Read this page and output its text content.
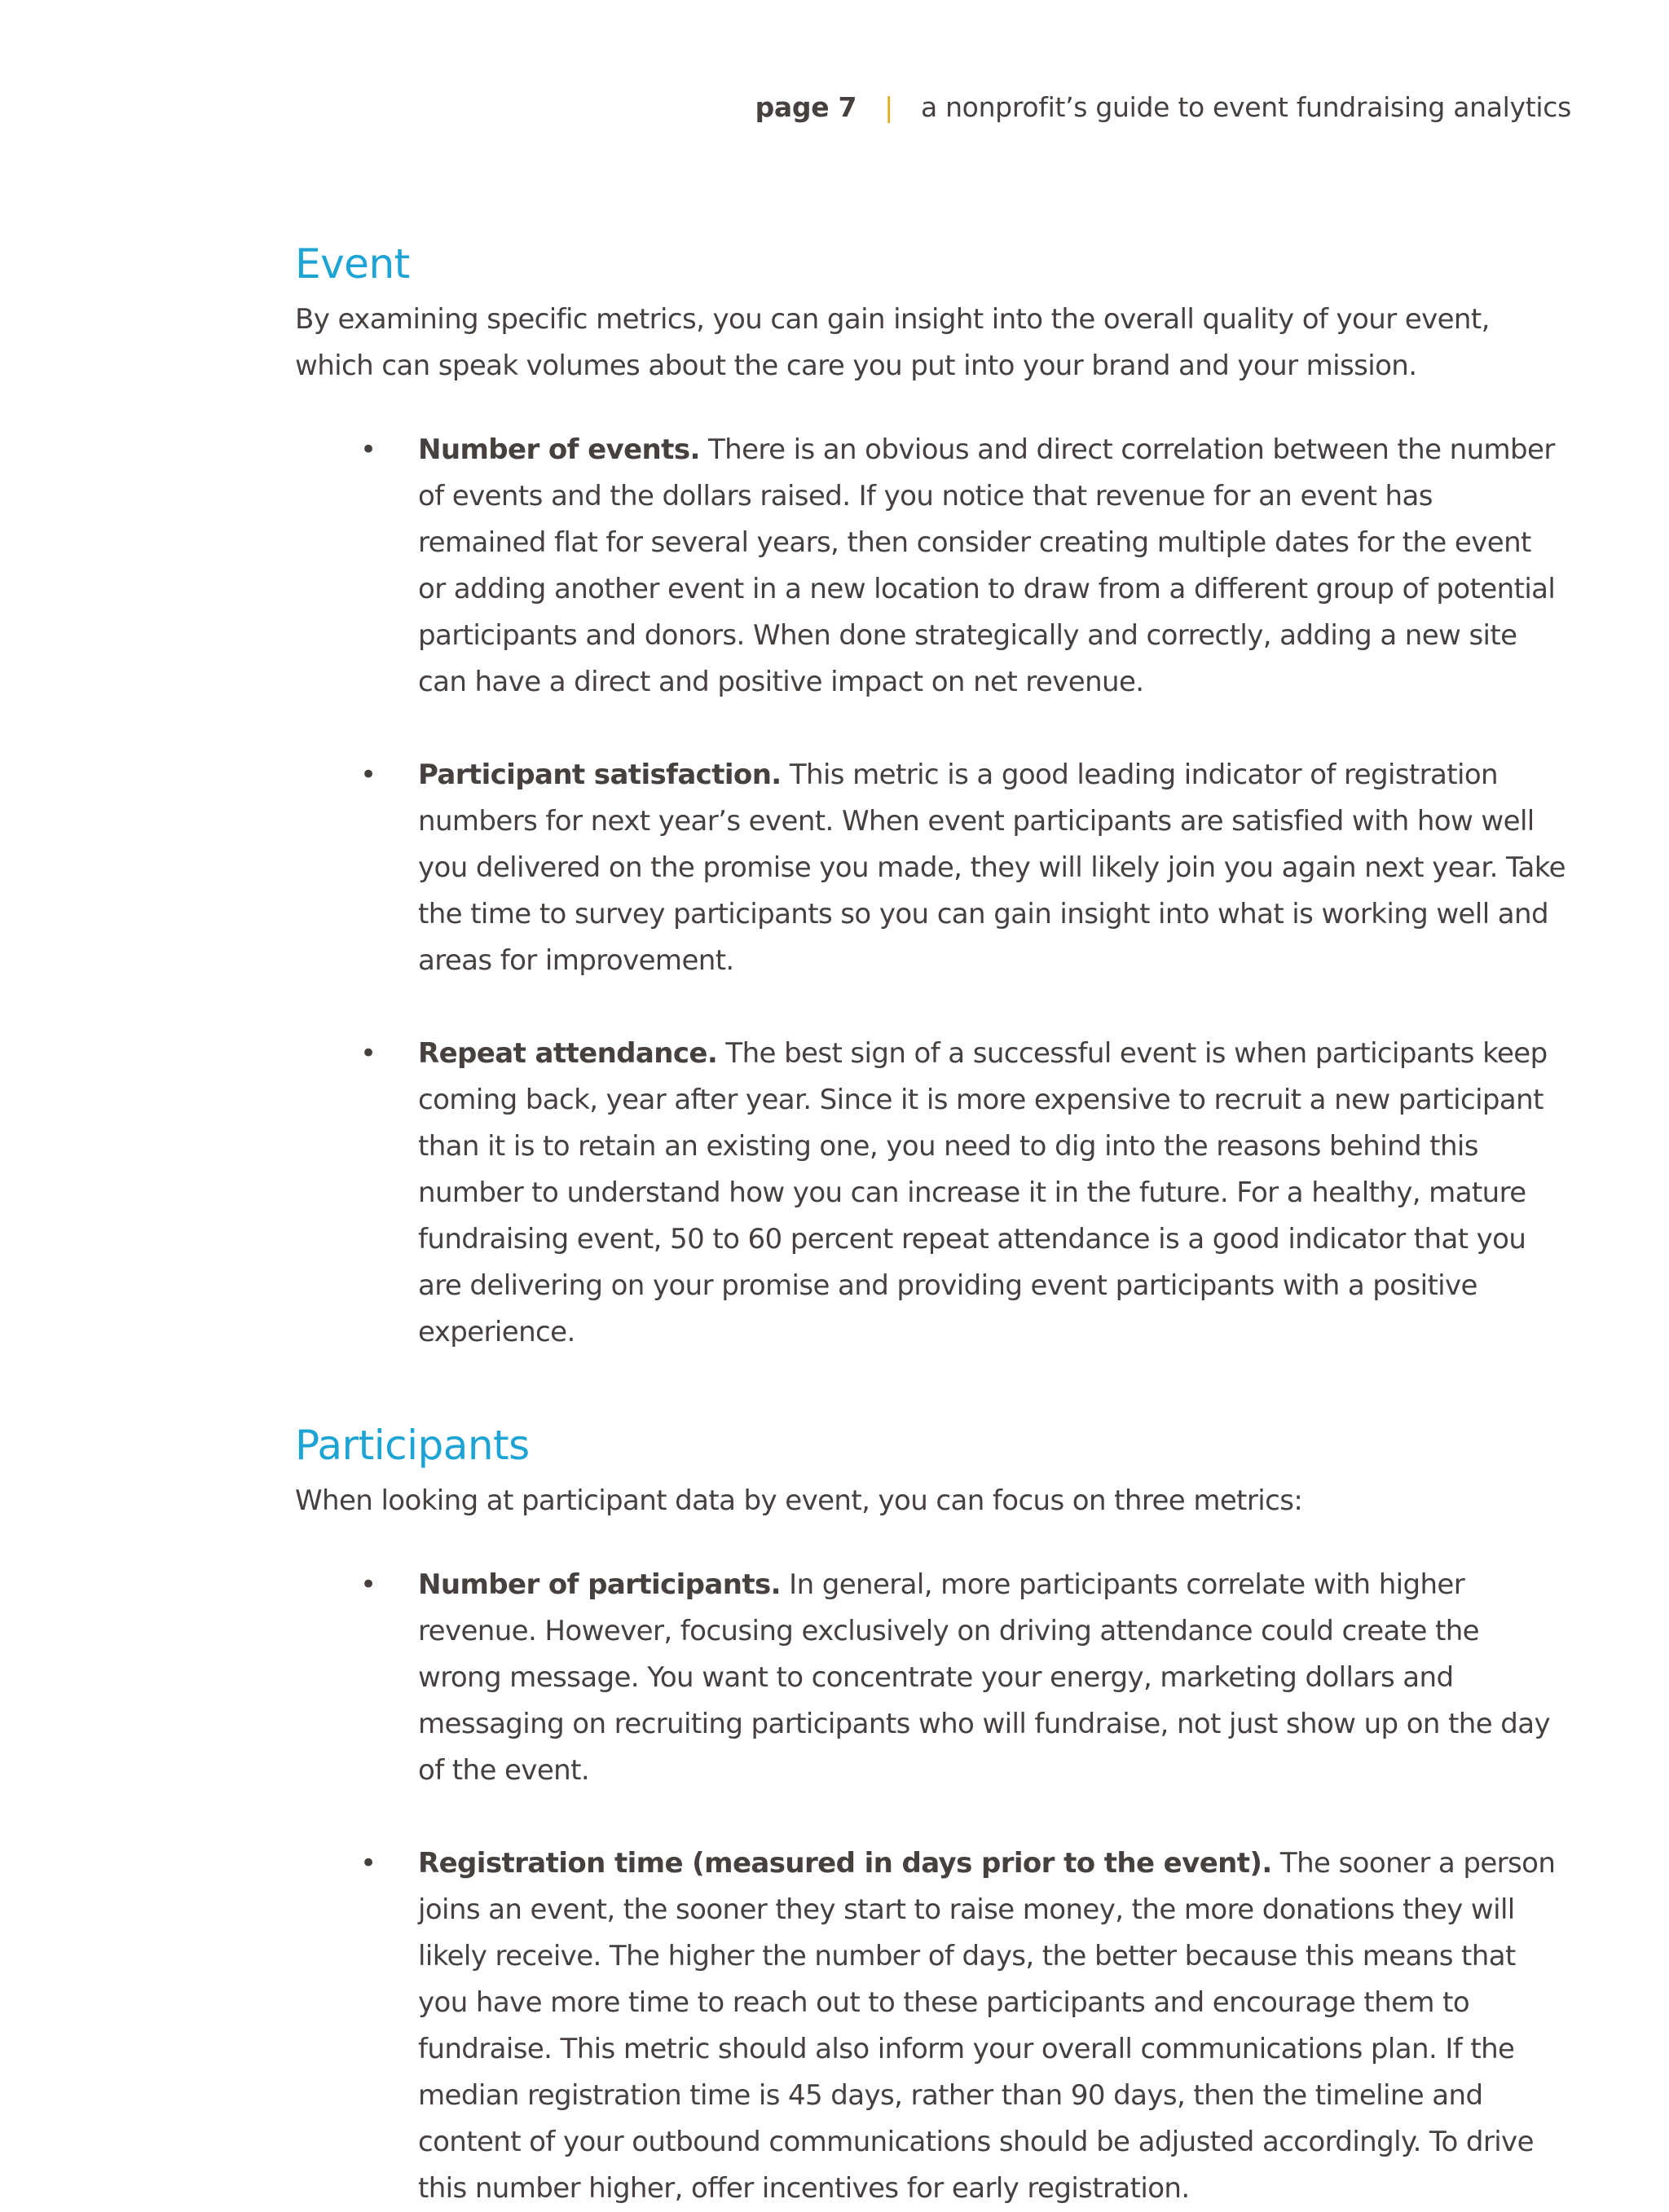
page 7 | a nonprofit’s guide to event fundraising analytics
Event

By examining specific metrics, you can gain insight into the overall quality of your event, which can speak volumes about the care you put into your brand and your mission.

• Number of events. There is an obvious and direct correlation between the number of events and the dollars raised. If you notice that revenue for an event has remained flat for several years, then consider creating multiple dates for the event or adding another event in a new location to draw from a different group of potential participants and donors. When done strategically and correctly, adding a new site can have a direct and positive impact on net revenue.
• Participant satisfaction. This metric is a good leading indicator of registration numbers for next year’s event. When event participants are satisfied with how well you delivered on the promise you made, they will likely join you again next year. Take the time to survey participants so you can gain insight into what is working well and areas for improvement.
• Repeat attendance. The best sign of a successful event is when participants keep coming back, year after year. Since it is more expensive to recruit a new participant than it is to retain an existing one, you need to dig into the reasons behind this number to understand how you can increase it in the future. For a healthy, mature fundraising event, 50 to 60 percent repeat attendance is a good indicator that you are delivering on your promise and providing event participants with a positive experience.
Participants

When looking at participant data by event, you can focus on three metrics:

• Number of participants. In general, more participants correlate with higher revenue. However, focusing exclusively on driving attendance could create the wrong message. You want to concentrate your energy, marketing dollars and messaging on recruiting participants who will fundraise, not just show up on the day of the event.
• Registration time (measured in days prior to the event). The sooner a person joins an event, the sooner they start to raise money, the more donations they will likely receive. The higher the number of days, the better because this means that you have more time to reach out to these participants and encourage them to fundraise. This metric should also inform your overall communications plan. If the median registration time is 45 days, rather than 90 days, then the timeline and content of your outbound communications should be adjusted accordingly. To drive this number higher, offer incentives for early registration.
